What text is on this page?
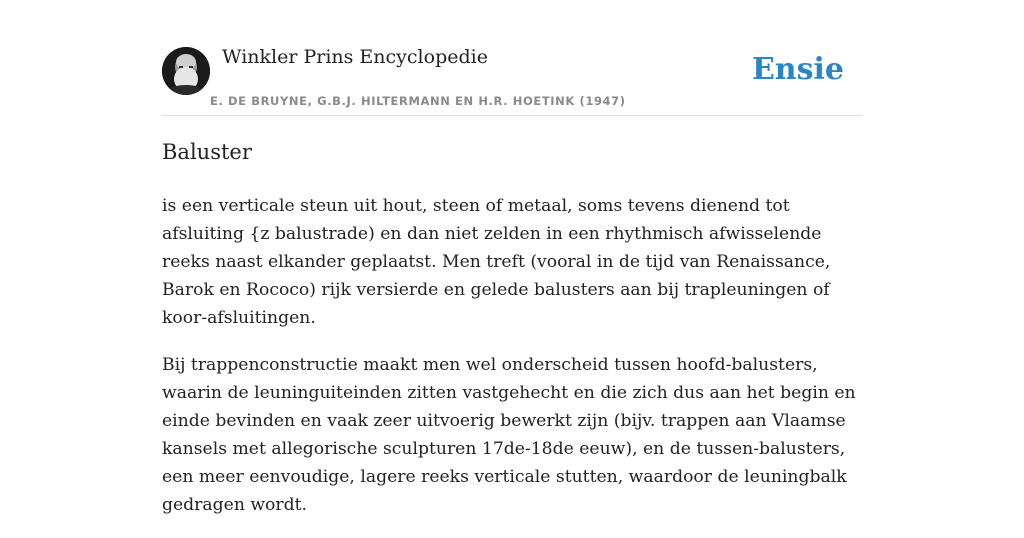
Winkler Prins Encyclopedie
E. DE BRUYNE, G.B.J. HILTERMANN EN H.R. HOETINK (1947)
Ensie
Baluster

is een verticale steun uit hout, steen of metaal, soms tevens dienend tot afsluiting {z balustrade) en dan niet zelden in een rhythmisch afwisselende reeks naast elkander geplaatst. Men treft (vooral in de tijd van Renaissance, Barok en Rococo) rijk versierde en gelede balusters aan bij trapleuningen of koor-afsluitingen.

Bij trappenconstructie maakt men wel onderscheid tussen hoofd-balusters, waarin de leuninguiteinden zitten vastgehecht en die zich dus aan het begin en einde bevinden en vaak zeer uitvoerig bewerkt zijn (bijv. trappen aan Vlaamse kansels met allegorische sculpturen 17de-18de eeuw), en de tussen-balusters, een meer eenvoudige, lagere reeks verticale stutten, waardoor de leuningbalk gedragen wordt.
